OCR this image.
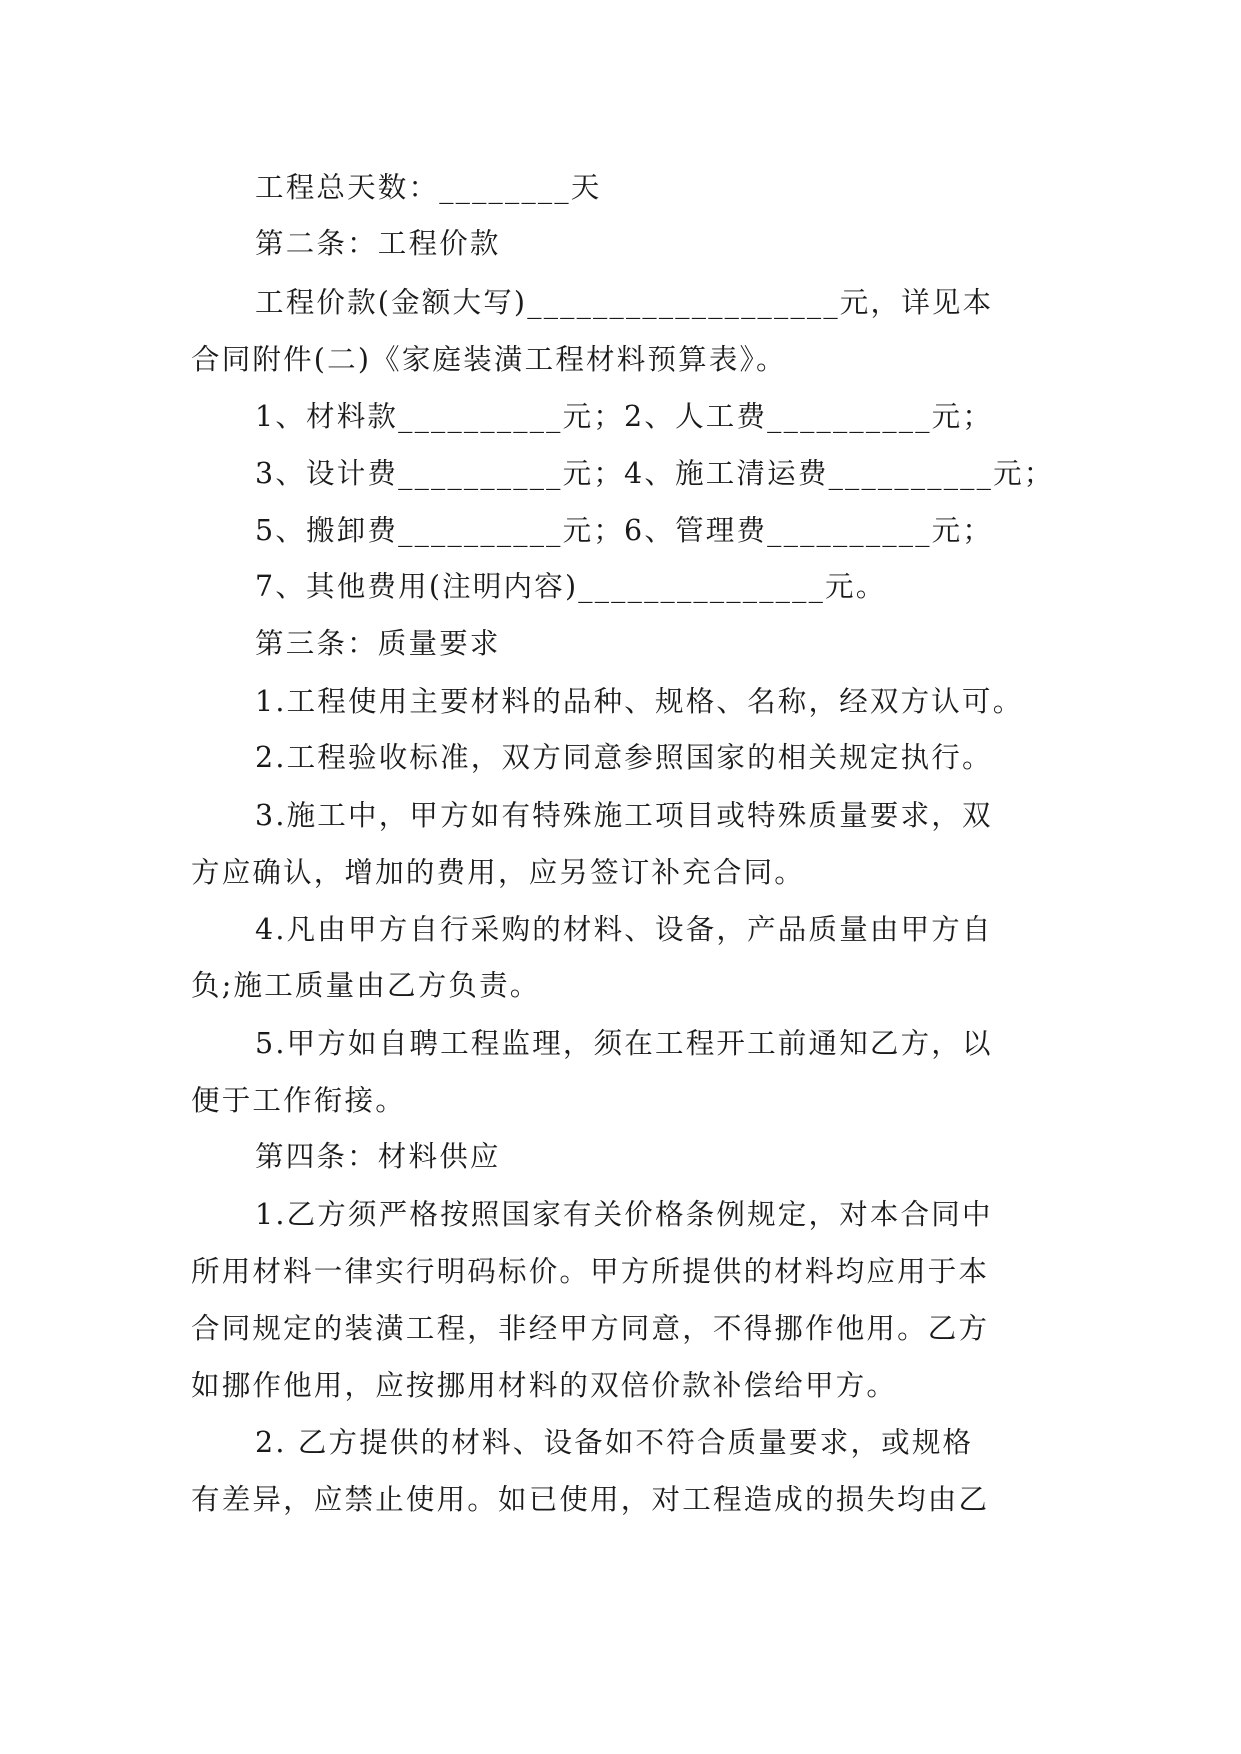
工程总天数：________天
第二条：工程价款
工程价款(金额大写)___________________元，详见本
合同附件(二)《家庭装潢工程材料预算表》。
1、材料款__________元；2、人工费__________元；
3、设计费__________元；4、施工清运费__________元；
5、搬卸费__________元；6、管理费__________元；
7、其他费用(注明内容)_______________元。
第三条：质量要求
1.工程使用主要材料的品种、规格、名称，经双方认可。
2.工程验收标准，双方同意参照国家的相关规定执行。
3.施工中，甲方如有特殊施工项目或特殊质量要求，双
方应确认，增加的费用，应另签订补充合同。
4.凡由甲方自行采购的材料、设备，产品质量由甲方自
负;施工质量由乙方负责。
5.甲方如自聘工程监理，须在工程开工前通知乙方，以
便于工作衔接。
第四条：材料供应
1.乙方须严格按照国家有关价格条例规定，对本合同中
所用材料一律实行明码标价。甲方所提供的材料均应用于本
合同规定的装潢工程，非经甲方同意，不得挪作他用。乙方
如挪作他用，应按挪用材料的双倍价款补偿给甲方。
2. 乙方提供的材料、设备如不符合质量要求，或规格
有差异，应禁止使用。如已使用，对工程造成的损失均由乙
